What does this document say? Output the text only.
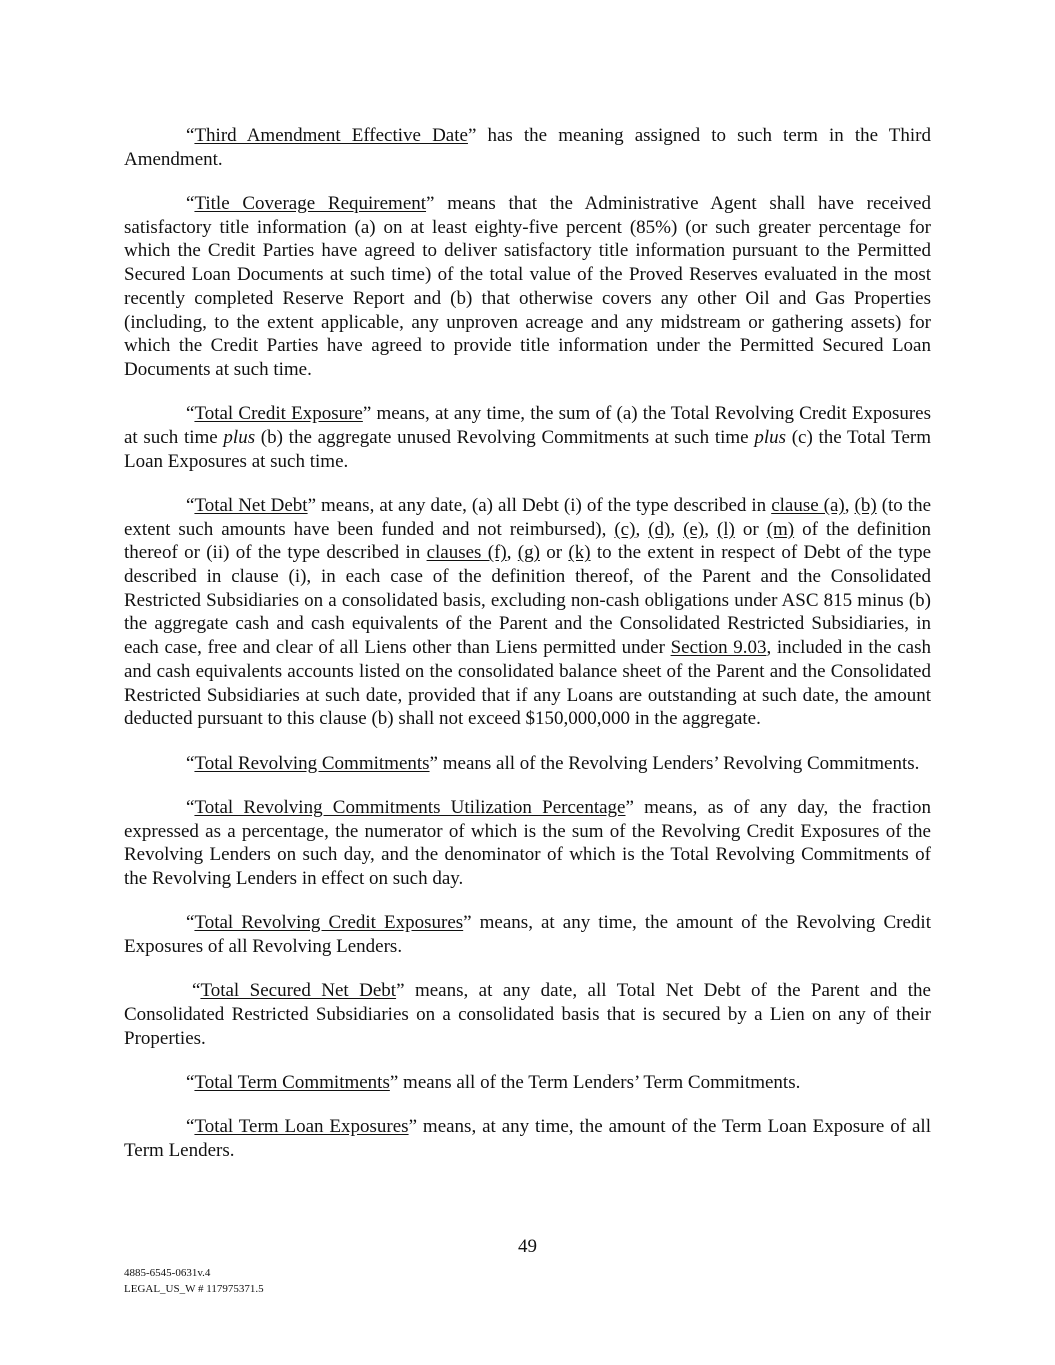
“Third Amendment Effective Date” has the meaning assigned to such term in the Third Amendment.

“Title Coverage Requirement” means that the Administrative Agent shall have received satisfactory title information (a) on at least eighty-five percent (85%) (or such greater percentage for which the Credit Parties have agreed to deliver satisfactory title information pursuant to the Permitted Secured Loan Documents at such time) of the total value of the Proved Reserves evaluated in the most recently completed Reserve Report and (b) that otherwise covers any other Oil and Gas Properties (including, to the extent applicable, any unproven acreage and any midstream or gathering assets) for which the Credit Parties have agreed to provide title information under the Permitted Secured Loan Documents at such time.

“Total Credit Exposure” means, at any time, the sum of (a) the Total Revolving Credit Exposures at such time plus (b) the aggregate unused Revolving Commitments at such time plus (c) the Total Term Loan Exposures at such time.

“Total Net Debt” means, at any date, (a) all Debt (i) of the type described in clause (a), (b) (to the extent such amounts have been funded and not reimbursed), (c), (d), (e), (l) or (m) of the definition thereof or (ii) of the type described in clauses (f), (g) or (k) to the extent in respect of Debt of the type described in clause (i), in each case of the definition thereof, of the Parent and the Consolidated Restricted Subsidiaries on a consolidated basis, excluding non-cash obligations under ASC 815 minus (b) the aggregate cash and cash equivalents of the Parent and the Consolidated Restricted Subsidiaries, in each case, free and clear of all Liens other than Liens permitted under Section 9.03, included in the cash and cash equivalents accounts listed on the consolidated balance sheet of the Parent and the Consolidated Restricted Subsidiaries at such date, provided that if any Loans are outstanding at such date, the amount deducted pursuant to this clause (b) shall not exceed $150,000,000 in the aggregate.

“Total Revolving Commitments” means all of the Revolving Lenders’ Revolving Commitments.

“Total Revolving Commitments Utilization Percentage” means, as of any day, the fraction expressed as a percentage, the numerator of which is the sum of the Revolving Credit Exposures of the Revolving Lenders on such day, and the denominator of which is the Total Revolving Commitments of the Revolving Lenders in effect on such day.

“Total Revolving Credit Exposures” means, at any time, the amount of the Revolving Credit Exposures of all Revolving Lenders.

“Total Secured Net Debt” means, at any date, all Total Net Debt of the Parent and the Consolidated Restricted Subsidiaries on a consolidated basis that is secured by a Lien on any of their Properties.

“Total Term Commitments” means all of the Term Lenders’ Term Commitments.

“Total Term Loan Exposures” means, at any time, the amount of the Term Loan Exposure of all Term Lenders.

49
4885-6545-0631v.4
LEGAL_US_W # 117975371.5
